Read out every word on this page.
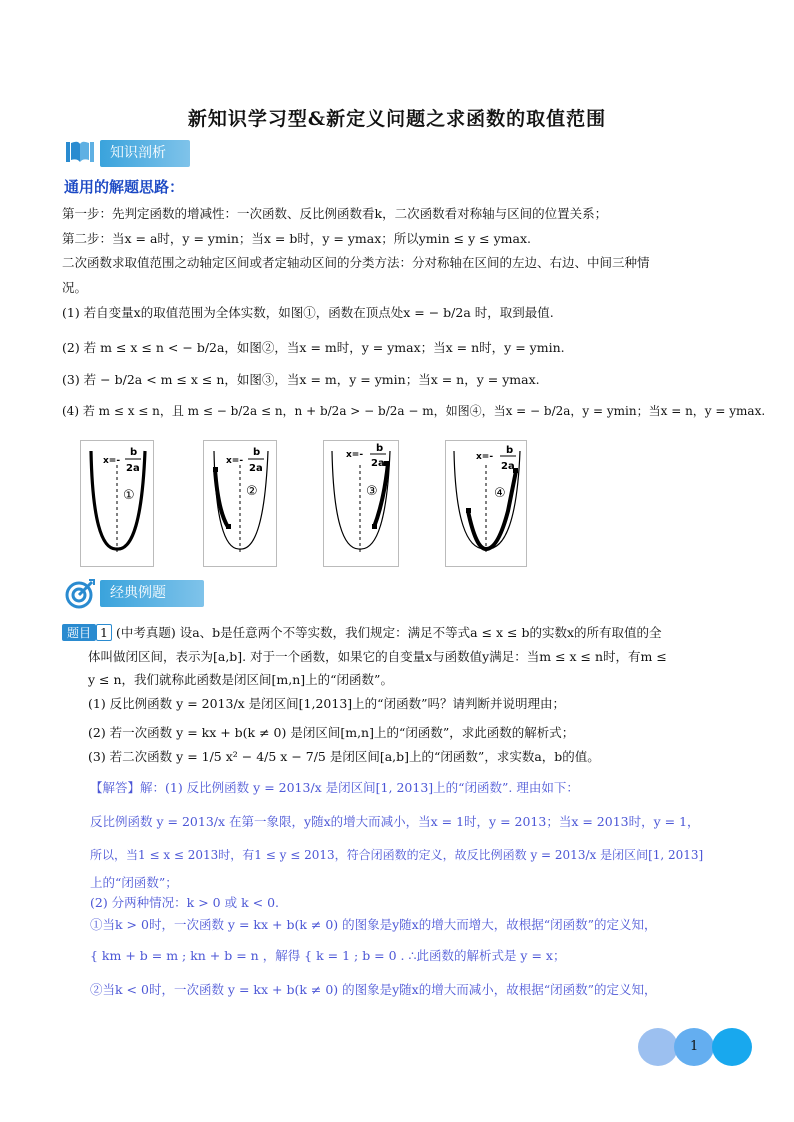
新知识学习型&新定义问题之求函数的取值范围
知识剖析
通用的解题思路：
第一步：先判定函数的增减性：一次函数、反比例函数看k，二次函数看对称轴与区间的位置关系；
第二步：当x = a时，y = ymin；当x = b时，y = ymax；所以ymin ≤ y ≤ ymax.
二次函数求取值范围之动轴定区间或者定轴动区间的分类方法：分对称轴在区间的左边、右边、中间三种情
况。
(1) 若自变量x的取值范围为全体实数，如图①，函数在顶点处x = − b/2a 时，取到最值.
(2) 若 m ≤ x ≤ n < − b/2a，如图②，当x = m时，y = ymax；当x = n时，y = ymin.
(3) 若 − b/2a < m ≤ x ≤ n，如图③，当x = m，y = ymin；当x = n，y = ymax.
(4) 若 m ≤ x ≤ n，且 m ≤ − b/2a ≤ n，n + b/2a > − b/2a − m，如图④，当x = − b/2a，y = ymin；当x = n，y = ymax.
x=-
b
2a
①
x=-
b
2a
②
x=-
b
2a
③
x=-
b
2a
④
经典例题
题目 1 (中考真题) 设a、b是任意两个不等实数，我们规定：满足不等式a ≤ x ≤ b的实数x的所有取值的全
体叫做闭区间，表示为[a,b]. 对于一个函数，如果它的自变量x与函数值y满足：当m ≤ x ≤ n时，有m ≤
y ≤ n，我们就称此函数是闭区间[m,n]上的“闭函数”。
(1) 反比例函数 y = 2013/x 是闭区间[1,2013]上的“闭函数”吗？请判断并说明理由；
(2) 若一次函数 y = kx + b(k ≠ 0) 是闭区间[m,n]上的“闭函数”，求此函数的解析式；
(3) 若二次函数 y = 1/5 x² − 4/5 x − 7/5 是闭区间[a,b]上的“闭函数”，求实数a，b的值。
【解答】解：(1) 反比例函数 y = 2013/x 是闭区间[1, 2013]上的“闭函数”. 理由如下：
反比例函数 y = 2013/x 在第一象限，y随x的增大而减小，当x = 1时，y = 2013；当x = 2013时，y = 1，
所以，当1 ≤ x ≤ 2013时，有1 ≤ y ≤ 2013，符合闭函数的定义，故反比例函数 y = 2013/x 是闭区间[1, 2013]
上的“闭函数”；
(2) 分两种情况：k > 0 或 k < 0.
①当k > 0时，一次函数 y = kx + b(k ≠ 0) 的图象是y随x的增大而增大，故根据“闭函数”的定义知，
{ km + b = m ; kn + b = n ，解得 { k = 1 ; b = 0 . ∴此函数的解析式是 y = x；
②当k < 0时，一次函数 y = kx + b(k ≠ 0) 的图象是y随x的增大而减小，故根据“闭函数”的定义知，
1
